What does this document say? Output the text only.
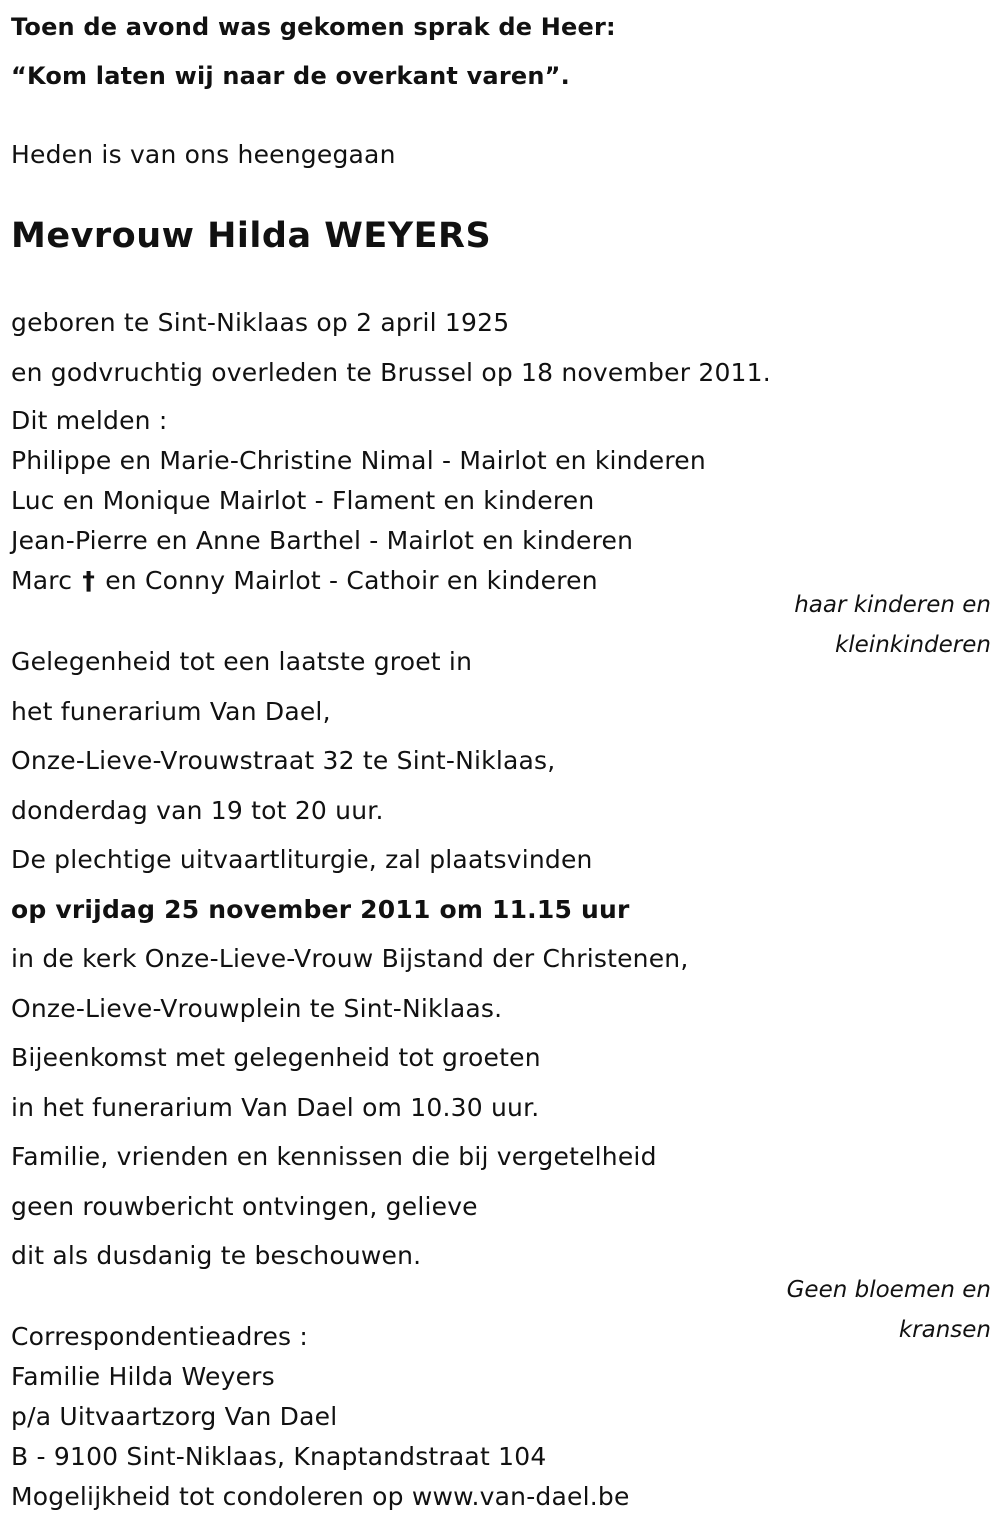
Toen de avond was gekomen sprak de Heer:
“Kom laten wij naar de overkant varen”.
Heden is van ons heengegaan
Mevrouw Hilda WEYERS
geboren te Sint-Niklaas op 2 april 1925
en godvruchtig overleden te Brussel op 18 november 2011.
Dit melden :
Philippe en Marie-Christine Nimal - Mairlot en kinderen
Luc en Monique Mairlot - Flament en kinderen
Jean-Pierre en Anne Barthel - Mairlot en kinderen
Marc † en Conny Mairlot - Cathoir en kinderen
haar kinderen en
kleinkinderen
Gelegenheid tot een laatste groet in
het funerarium Van Dael,
Onze-Lieve-Vrouwstraat 32 te Sint-Niklaas,
donderdag van 19 tot 20 uur.
De plechtige uitvaartliturgie, zal plaatsvinden
op vrijdag 25 november 2011 om 11.15 uur
in de kerk Onze-Lieve-Vrouw Bijstand der Christenen,
Onze-Lieve-Vrouwplein te Sint-Niklaas.
Bijeenkomst met gelegenheid tot groeten
in het funerarium Van Dael om 10.30 uur.
Familie, vrienden en kennissen die bij vergetelheid
geen rouwbericht ontvingen, gelieve
dit als dusdanig te beschouwen.
Geen bloemen en
kransen
Correspondentieadres :
Familie Hilda Weyers
p/a Uitvaartzorg Van Dael
B - 9100 Sint-Niklaas, Knaptandstraat 104
Mogelijkheid tot condoleren op www.van-dael.be
